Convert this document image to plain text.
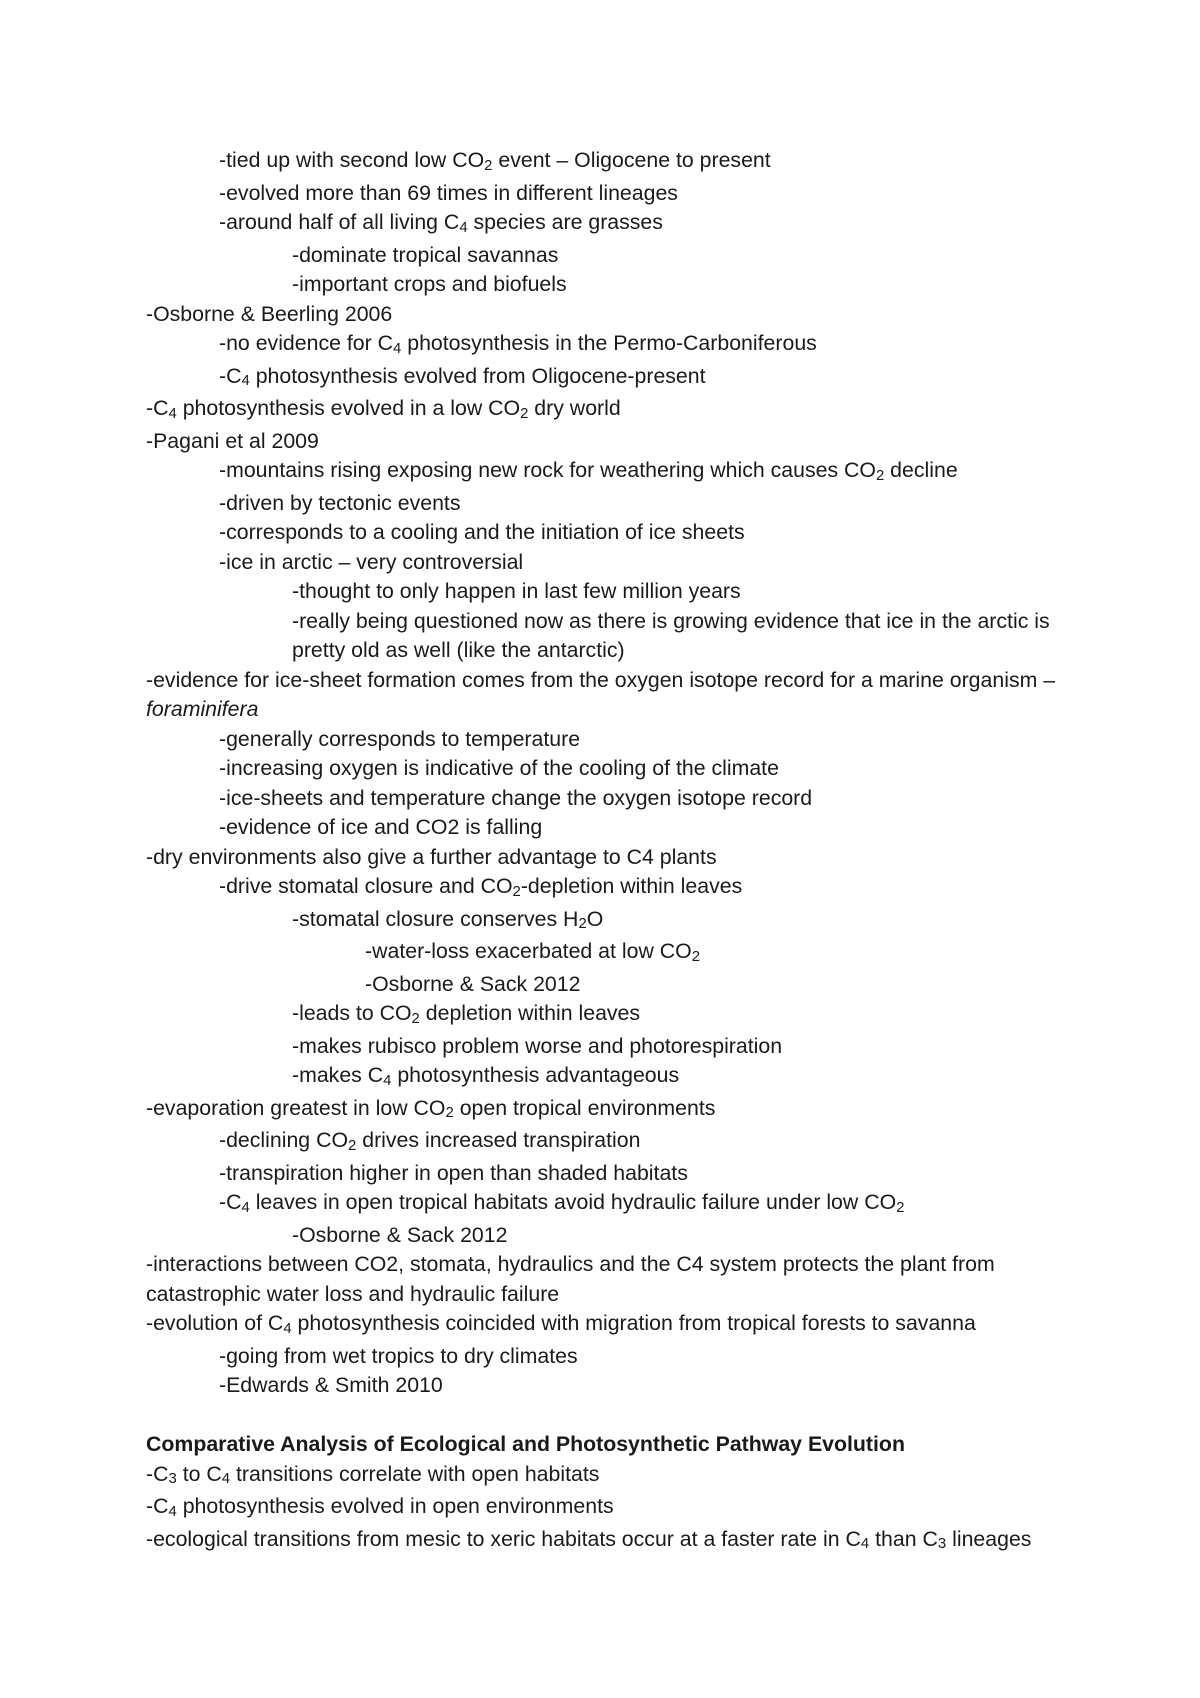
-tied up with second low $CO_2$ event – Oligocene to present
-evolved more than 69 times in different lineages
-around half of all living $C_4$ species are grasses
-dominate tropical savannas
-important crops and biofuels
-Osborne & Beerling 2006
-no evidence for $C_4$ photosynthesis in the Permo-Carboniferous
$-C_4$ photosynthesis evolved from Oligocene-present
$-C_4$ photosynthesis evolved in a low $CO_2$ dry world
-Pagani et al 2009
-mountains rising exposing new rock for weathering which causes $CO_2$ decline
-driven by tectonic events
-corresponds to a cooling and the initiation of ice sheets
-ice in arctic – very controversial
-thought to only happen in last few million years
-really being questioned now as there is growing evidence that ice in the arctic is pretty old as well (like the antarctic)
-evidence for ice-sheet formation comes from the oxygen isotope record for a marine organism – foraminifera
-generally corresponds to temperature
-increasing oxygen is indicative of the cooling of the climate
-ice-sheets and temperature change the oxygen isotope record
-evidence of ice and CO2 is falling
-dry environments also give a further advantage to C4 plants
-drive stomatal closure and $CO_2$-depletion within leaves
-stomatal closure conserves $H_2O$
-water-loss exacerbated at low $CO_2$
-Osborne & Sack 2012
-leads to $CO_2$ depletion within leaves
-makes rubisco problem worse and photorespiration
-makes $C_4$ photosynthesis advantageous
-evaporation greatest in low $CO_2$ open tropical environments
-declining $CO_2$ drives increased transpiration
-transpiration higher in open than shaded habitats
$-C_4$ leaves in open tropical habitats avoid hydraulic failure under low $CO_2$
-Osborne & Sack 2012
-interactions between CO2, stomata, hydraulics and the C4 system protects the plant from catastrophic water loss and hydraulic failure
-evolution of $C_4$ photosynthesis coincided with migration from tropical forests to savanna
-going from wet tropics to dry climates
-Edwards & Smith 2010
Comparative Analysis of Ecological and Photosynthetic Pathway Evolution
$-C_3$ to $C_4$ transitions correlate with open habitats
$-C_4$ photosynthesis evolved in open environments
-ecological transitions from mesic to xeric habitats occur at a faster rate in $C_4$ than $C_3$ lineages
